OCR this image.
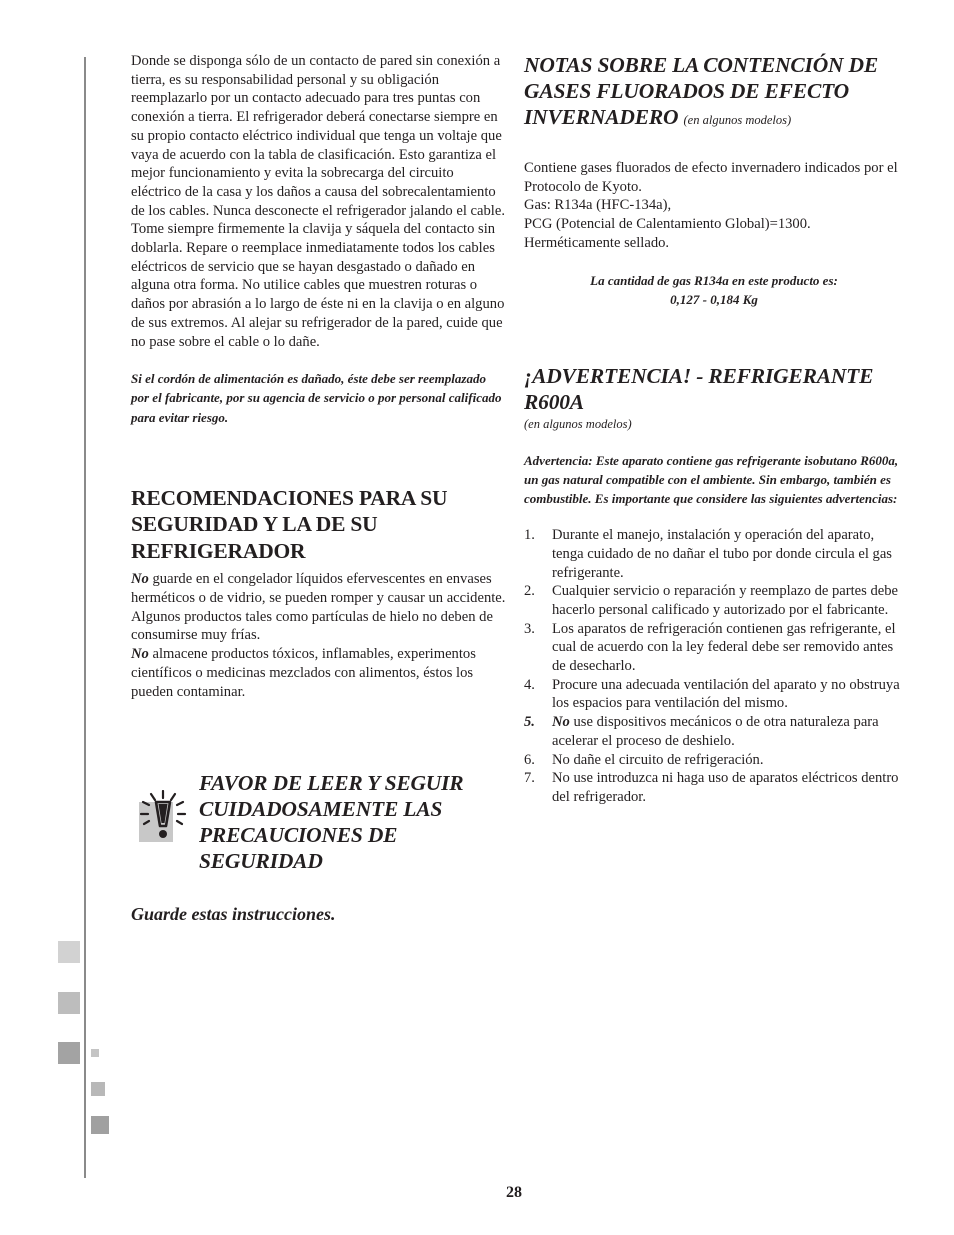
Donde se disponga sólo de un contacto de pared sin conexión a tierra, es su responsabilidad personal y su obligación reemplazarlo por un contacto adecuado para tres puntas con conexión a tierra. El refrigerador deberá conectarse siempre en su propio contacto eléctrico individual que tenga un voltaje que vaya de acuerdo con la tabla de clasificación. Esto garantiza el mejor funcionamiento y evita la sobrecarga del circuito eléctrico de la casa y los daños a causa del sobrecalentamiento de los cables. Nunca desconecte el refrigerador jalando el cable. Tome siempre firmemente la clavija y sáquela del contacto sin doblarla. Repare o reemplace inmediatamente todos los cables eléctricos de servicio que se hayan desgastado o dañado en alguna otra forma. No utilice cables que muestren roturas o daños por abrasión a lo largo de éste ni en la clavija o en alguno de sus extremos. Al alejar su refrigerador de la pared, cuide que no pase sobre el cable o lo dañe.

Si el cordón de alimentación es dañado, éste debe ser reemplazado por el fabricante, por su agencia de servicio o por personal calificado para evitar riesgo.

RECOMENDACIONES PARA SU SEGURIDAD Y LA DE SU REFRIGERADOR

No guarde en el congelador líquidos efervescentes en envases herméticos o de vidrio, se pueden romper y causar un accidente. Algunos productos tales como partículas de hielo no deben de consumirse muy frías.

No almacene productos tóxicos, inflamables, experimentos científicos o medicinas mezclados con alimentos, éstos los pueden contaminar.

FAVOR DE LEER Y SEGUIR CUIDADOSAMENTE LAS PRECAUCIONES DE SEGURIDAD
Guarde estas instrucciones.
NOTAS SOBRE LA CONTENCIÓN DE GASES FLUORADOS DE EFECTO INVERNADERO (en algunos modelos)

Contiene gases fluorados de efecto invernadero indicados por el Protocolo de Kyoto.

Gas: R134a (HFC-134a),

PCG (Potencial de Calentamiento Global)=1300.

Herméticamente sellado.

La cantidad de gas R134a en este producto es:

0,127 - 0,184 Kg

¡ADVERTENCIA! - REFRIGERANTE R600A

(en algunos modelos)

Advertencia: Este aparato contiene gas refrigerante isobutano R600a, un gas natural compatible con el ambiente. Sin embargo, también es combustible. Es importante que considere las siguientes advertencias:

1. Durante el manejo, instalación y operación del aparato, tenga cuidado de no dañar el tubo por donde circula el gas refrigerante.
2. Cualquier servicio o reparación y reemplazo de partes debe hacerlo personal calificado y autorizado por el fabricante.
3. Los aparatos de refrigeración contienen gas refrigerante, el cual de acuerdo con la ley federal debe ser removido antes de desecharlo.
4. Procure una adecuada ventilación del aparato y no obstruya los espacios para ventilación del mismo.
5. No use dispositivos mecánicos o de otra naturaleza para acelerar el proceso de deshielo.
6. No dañe el circuito de refrigeración.
7. No use introduzca ni haga uso de aparatos eléctricos dentro del refrigerador.
28
